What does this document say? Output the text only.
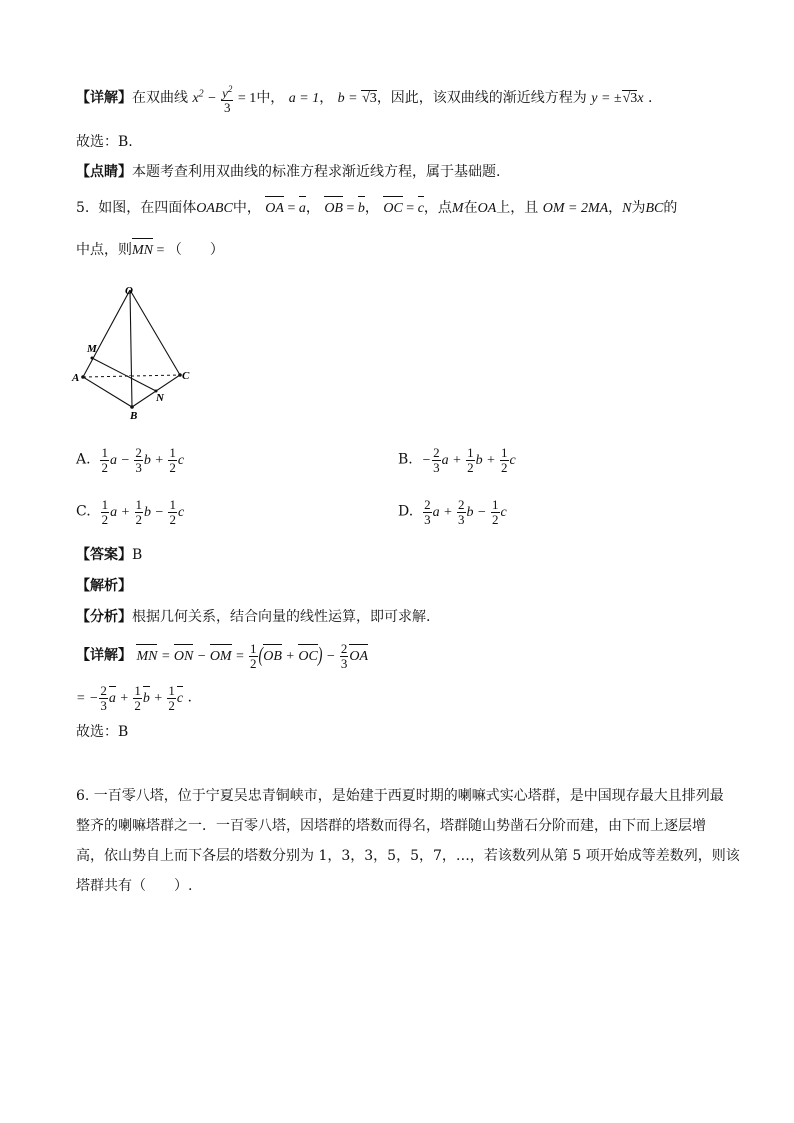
【详解】在双曲线 $x^2 - \frac{y^2}{3} = 1$中， a = 1， b = √3，因此，该双曲线的渐近线方程为 y = ±√3x .
故选：B.
【点睛】本题考查利用双曲线的标准方程求渐近线方程，属于基础题.
5. 如图，在四面体OABC中， OA = a， OB = b， OC = c，点M在OA上，且 OM = 2MA，N为BC的
中点，则MN = （　　）
O
M
A	C
N
B
A. $\frac{1}{2}$ $a - \frac{2}{3}$ $b + \frac{1}{2}$ c	B. − $\frac{2}{3}$ $a + \frac{1}{2}$ $b + \frac{1}{2}$ c
C. $\frac{1}{2}$ $a + \frac{1}{2}$ $b - \frac{1}{2}$ c	D. $\frac{2}{3}$ $a + \frac{2}{3}$ $b - \frac{1}{2}$ c
【答案】B
【解析】
【分析】根据几何关系，结合向量的线性运算，即可求解.
【详解】 MN = ON − OM = $\frac{1}{2} (OB + OC) - \frac{2}{3}$ OA
= − $\frac{2}{3}$ $a + \frac{1}{2}$ $b + \frac{1}{2}$ c .
故选：B
6. 一百零八塔，位于宁夏吴忠青铜峡市，是始建于西夏时期的喇嘛式实心塔群，是中国现存最大且排列最
整齐的喇嘛塔群之一．一百零八塔，因塔群的塔数而得名，塔群随山势凿石分阶而建，由下而上逐层增
高，依山势自上而下各层的塔数分别为 1，3，3，5，5，7，…，若该数列从第 5 项开始成等差数列，则该
塔群共有（　　）.
